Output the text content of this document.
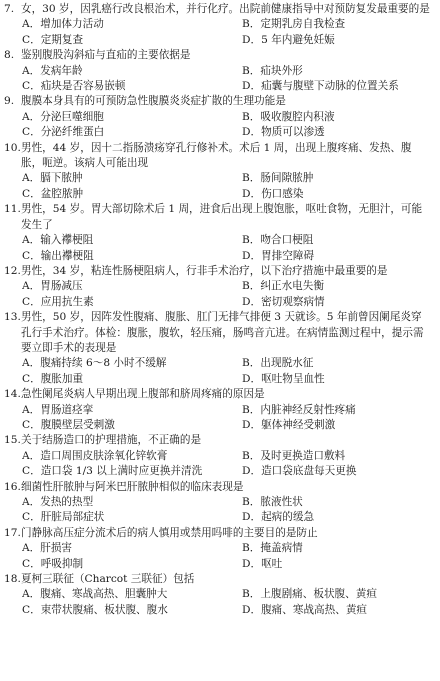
7. 女，30 岁，因乳癌行改良根治术，并行化疗。出院前健康指导中对预防复发最重要的是
A．增加体力活动	B．定期乳房自我检查
C．定期复查	D．5 年内避免妊娠
8. 鉴别腹股沟斜疝与直疝的主要依据是
A．发病年龄	B．疝块外形
C．疝块是否容易嵌顿	D．疝囊与腹壁下动脉的位置关系
9. 腹膜本身具有的可预防急性腹膜炎炎症扩散的生理功能是
A．分泌巨噬细胞	B．吸收腹腔内积液
C．分泌纤维蛋白	D．物质可以渗透
10. 男性，44 岁，因十二指肠溃疡穿孔行修补术。术后 1 周，出现上腹疼痛、发热、腹胀，呃逆。该病人可能出现
A．膈下脓肿	B．肠间隙脓肿
C．盆腔脓肿	D．伤口感染
11. 男性，54 岁。胃大部切除术后 1 周，进食后出现上腹饱胀，呕吐食物，无胆汁，可能发生了
A．输入襻梗阻	B．吻合口梗阻
C．输出襻梗阻	D．胃排空障碍
12. 男性，34 岁，粘连性肠梗阻病人，行非手术治疗，以下治疗措施中最重要的是
A．胃肠减压	B．纠正水电失衡
C．应用抗生素	D．密切观察病情
13. 男性，50 岁，因阵发性腹痛、腹胀、肛门无排气排便 3 天就诊。5 年前曾因阑尾炎穿孔行手术治疗。体检：腹胀，腹软，轻压痛，肠鸣音亢进。在病情监测过程中，提示需要立即手术的表现是
A．腹痛持续 6～8 小时不缓解	B．出现脱水征
C．腹胀加重	D．呕吐物呈血性
14. 急性阑尾炎病人早期出现上腹部和脐周疼痛的原因是
A．胃肠道痉挛	B．内脏神经反射性疼痛
C．腹膜壁层受刺激	D．躯体神经受刺激
15. 关于结肠造口的护理措施，不正确的是
A．造口周围皮肤涂氧化锌软膏	B．及时更换造口敷料
C．造口袋 1/3 以上满时应更换并清洗	D．造口袋底盘每天更换
16. 细菌性肝脓肿与阿米巴肝脓肿相似的临床表现是
A．发热的热型	B．脓液性状
C．肝脏局部症状	D．起病的缓急
17. 门静脉高压症分流术后的病人慎用或禁用吗啡的主要目的是防止
A．肝损害	B．掩盖病情
C．呼吸抑制	D．呕吐
18. 夏柯三联征（Charcot 三联征）包括
A．腹痛、寒战高热、胆囊肿大	B．上腹剧痛、板状腹、黄疸
C．束带状腹痛、板状腹、腹水	D．腹痛、寒战高热、黄疸
